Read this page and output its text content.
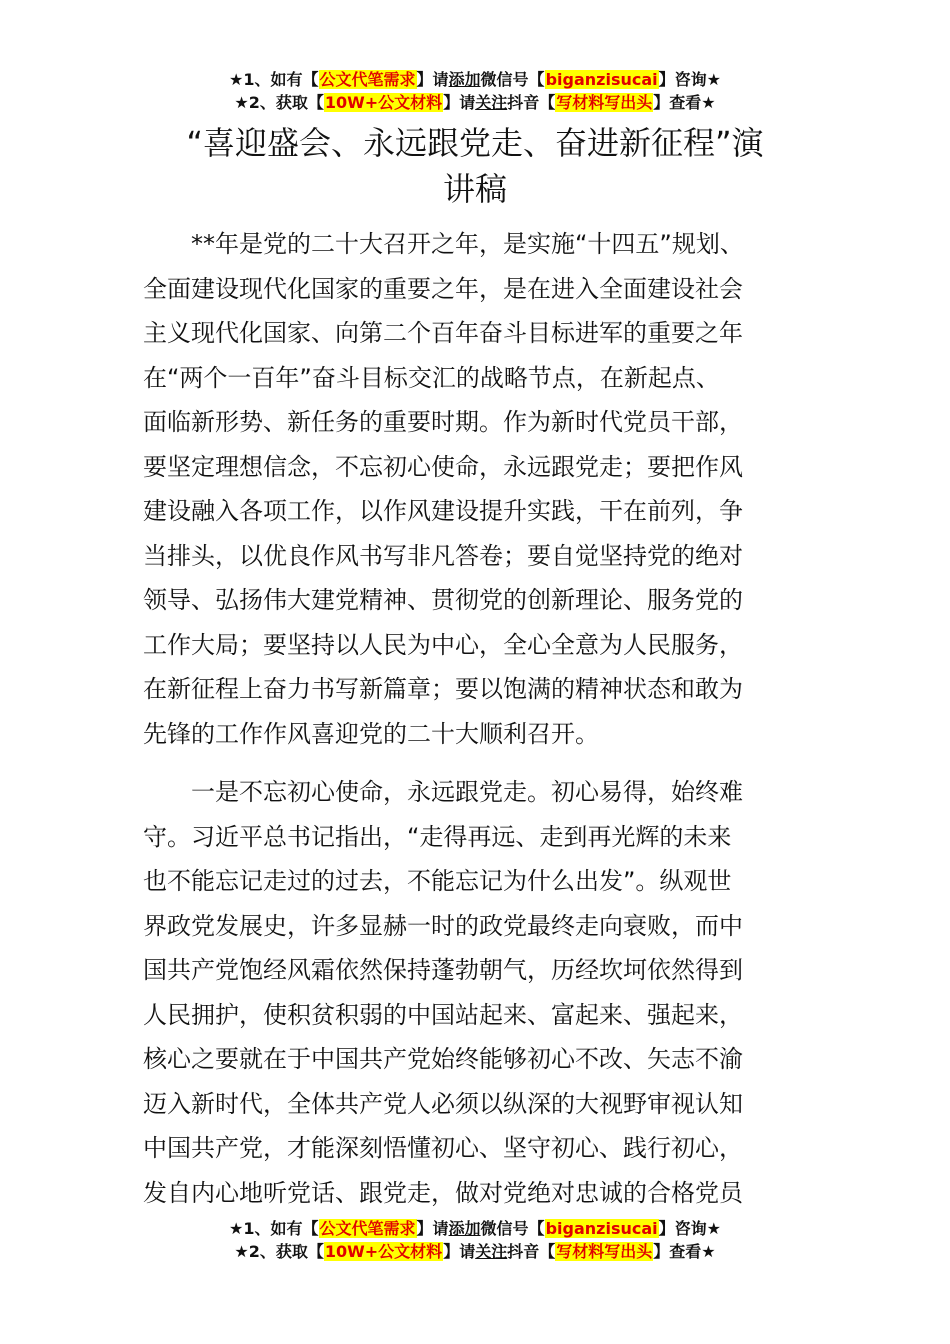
★1、如有【公文代笔需求】请添加微信号【biganzisucai】咨询★
★2、获取【10W+公文材料】请关注抖音【写材料写出头】查看★
“喜迎盛会、永远跟党走、奋进新征程”演
讲稿
**年是党的二十大召开之年，是实施“十四五”规划、
全面建设现代化国家的重要之年，是在进入全面建设社会
主义现代化国家、向第二个百年奋斗目标进军的重要之年
在“两个一百年”奋斗目标交汇的战略节点，在新起点、
面临新形势、新任务的重要时期。作为新时代党员干部，
要坚定理想信念，不忘初心使命，永远跟党走；要把作风
建设融入各项工作，以作风建设提升实践，干在前列，争
当排头，以优良作风书写非凡答卷；要自觉坚持党的绝对
领导、弘扬伟大建党精神、贯彻党的创新理论、服务党的
工作大局；要坚持以人民为中心，全心全意为人民服务，
在新征程上奋力书写新篇章；要以饱满的精神状态和敢为
先锋的工作作风喜迎党的二十大顺利召开。
一是不忘初心使命，永远跟党走。初心易得，始终难
守。习近平总书记指出，“走得再远、走到再光辉的未来
也不能忘记走过的过去，不能忘记为什么出发”。纵观世
界政党发展史，许多显赫一时的政党最终走向衰败，而中
国共产党饱经风霜依然保持蓬勃朝气，历经坎坷依然得到
人民拥护，使积贫积弱的中国站起来、富起来、强起来，
核心之要就在于中国共产党始终能够初心不改、矢志不渝
迈入新时代，全体共产党人必须以纵深的大视野审视认知
中国共产党，才能深刻悟懂初心、坚守初心、践行初心，
发自内心地听党话、跟党走，做对党绝对忠诚的合格党员
★1、如有【公文代笔需求】请添加微信号【biganzisucai】咨询★
★2、获取【10W+公文材料】请关注抖音【写材料写出头】查看★
